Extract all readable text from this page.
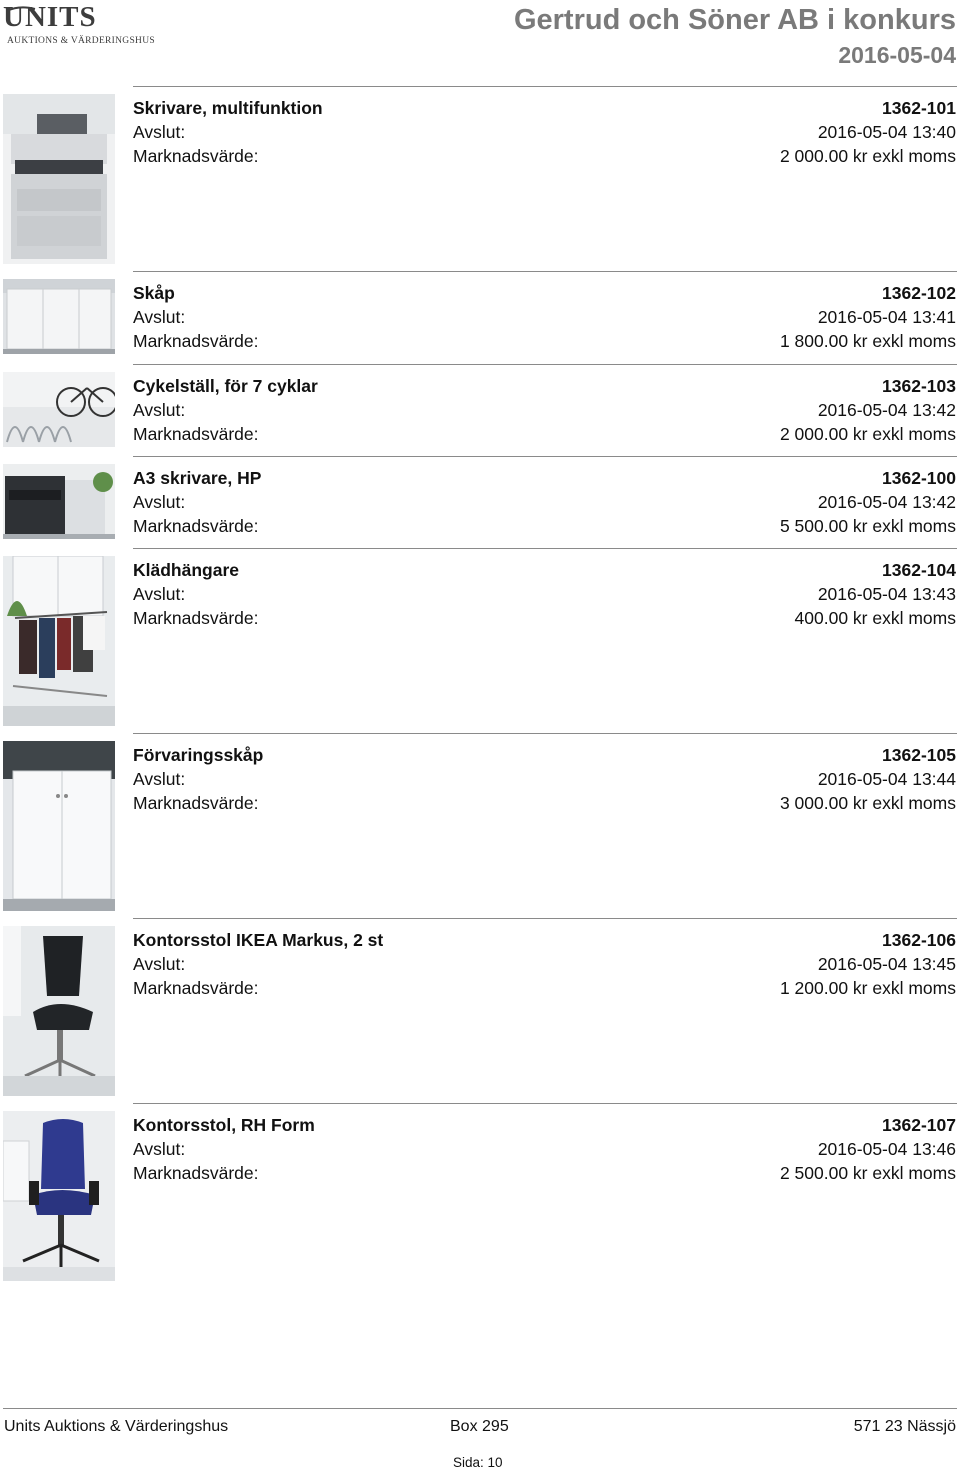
UNITS
AUKTIONS & VÄRDERINGSHUS
Gertrud och Söner AB i konkurs
2016-05-04
Skrivare, multifunktion	1362-101
Avslut:	2016-05-04 13:40
Marknadsvärde:	2 000.00 kr exkl moms
Skåp	1362-102
Avslut:	2016-05-04 13:41
Marknadsvärde:	1 800.00 kr exkl moms
Cykelställ, för 7 cyklar	1362-103
Avslut:	2016-05-04 13:42
Marknadsvärde:	2 000.00 kr exkl moms
A3 skrivare, HP	1362-100
Avslut:	2016-05-04 13:42
Marknadsvärde:	5 500.00 kr exkl moms
Klädhängare	1362-104
Avslut:	2016-05-04 13:43
Marknadsvärde:	400.00 kr exkl moms
Förvaringsskåp	1362-105
Avslut:	2016-05-04 13:44
Marknadsvärde:	3 000.00 kr exkl moms
Kontorsstol IKEA Markus, 2 st	1362-106
Avslut:	2016-05-04 13:45
Marknadsvärde:	1 200.00 kr exkl moms
Kontorsstol, RH Form	1362-107
Avslut:	2016-05-04 13:46
Marknadsvärde:	2 500.00 kr exkl moms
Units Auktions & Värderingshus	Box 295	571 23 Nässjö
Sida: 10
